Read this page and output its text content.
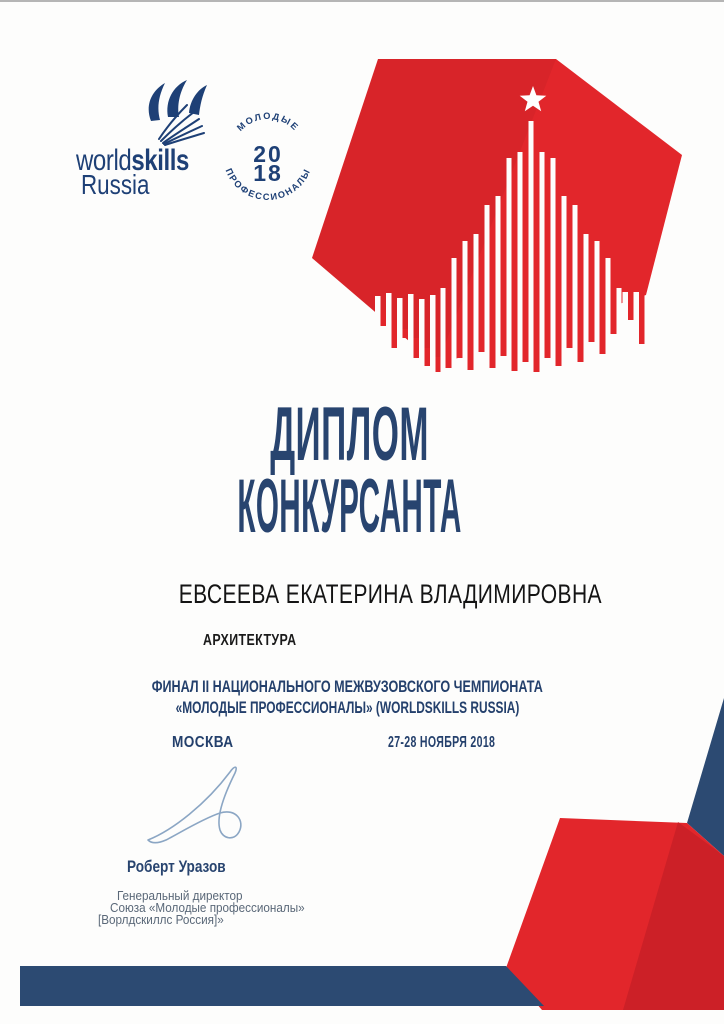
worldskills
Russia
МОЛОДЫЕ
ПРОФЕССИОНАЛЫ
20
18
ДИПЛОМ
КОНКУРСАНТА
ЕВСЕЕВА ЕКАТЕРИНА ВЛАДИМИРОВНА
АРХИТЕКТУРА
ФИНАЛ II НАЦИОНАЛЬНОГО МЕЖВУЗОВСКОГО ЧЕМПИОНАТА
«МОЛОДЫЕ ПРОФЕССИОНАЛЫ» (WORLDSKILLS RUSSIA)
МОСКВА	27-28 НОЯБРЯ 2018
Роберт Уразов
Генеральный директор
Союза «Молодые профессионалы»
[Ворлдскиллс Россия]»
